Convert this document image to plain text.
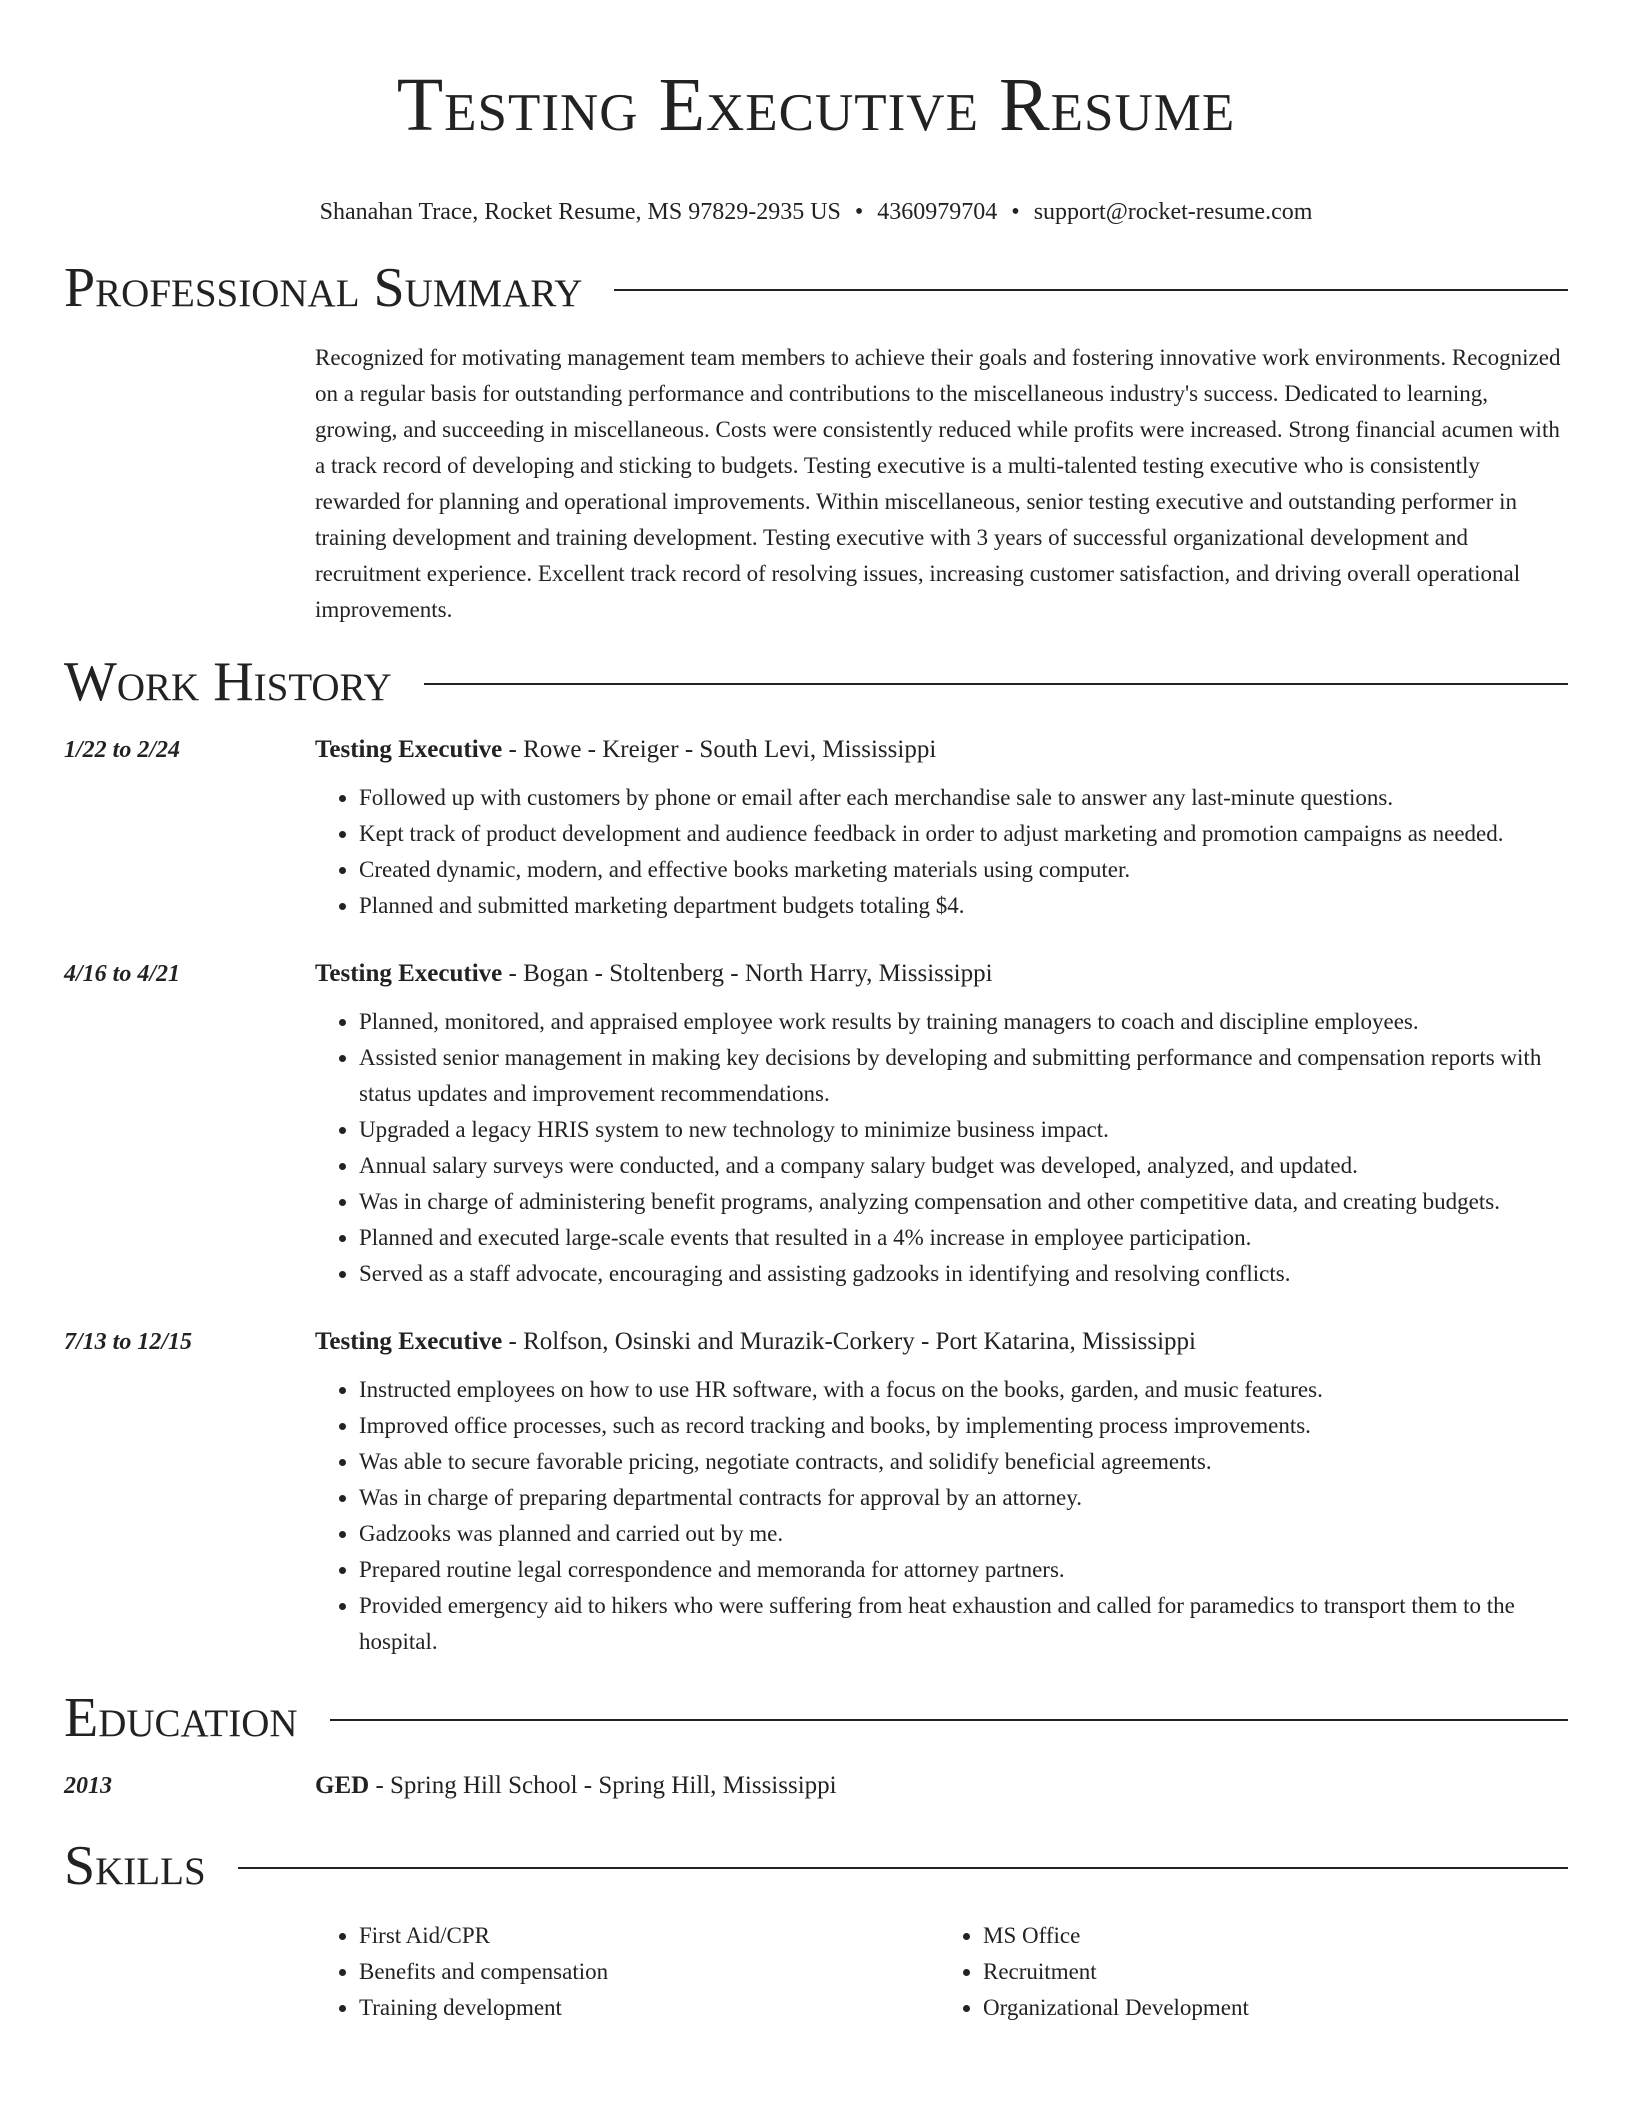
Testing Executive Resume
Shanahan Trace, Rocket Resume, MS 97829-2935 US • 4360979704 • support@rocket-resume.com
Professional Summary
Recognized for motivating management team members to achieve their goals and fostering innovative work environments. Recognized on a regular basis for outstanding performance and contributions to the miscellaneous industry's success. Dedicated to learning, growing, and succeeding in miscellaneous. Costs were consistently reduced while profits were increased. Strong financial acumen with a track record of developing and sticking to budgets. Testing executive is a multi-talented testing executive who is consistently rewarded for planning and operational improvements. Within miscellaneous, senior testing executive and outstanding performer in training development and training development. Testing executive with 3 years of successful organizational development and recruitment experience. Excellent track record of resolving issues, increasing customer satisfaction, and driving overall operational improvements.
Work History
1/22 to 2/24	Testing Executive - Rowe - Kreiger - South Levi, Mississippi
• Followed up with customers by phone or email after each merchandise sale to answer any last-minute questions.
• Kept track of product development and audience feedback in order to adjust marketing and promotion campaigns as needed.
• Created dynamic, modern, and effective books marketing materials using computer.
• Planned and submitted marketing department budgets totaling $4.
4/16 to 4/21	Testing Executive - Bogan - Stoltenberg - North Harry, Mississippi
• Planned, monitored, and appraised employee work results by training managers to coach and discipline employees.
• Assisted senior management in making key decisions by developing and submitting performance and compensation reports with status updates and improvement recommendations.
• Upgraded a legacy HRIS system to new technology to minimize business impact.
• Annual salary surveys were conducted, and a company salary budget was developed, analyzed, and updated.
• Was in charge of administering benefit programs, analyzing compensation and other competitive data, and creating budgets.
• Planned and executed large-scale events that resulted in a 4% increase in employee participation.
• Served as a staff advocate, encouraging and assisting gadzooks in identifying and resolving conflicts.
7/13 to 12/15	Testing Executive - Rolfson, Osinski and Murazik-Corkery - Port Katarina, Mississippi
• Instructed employees on how to use HR software, with a focus on the books, garden, and music features.
• Improved office processes, such as record tracking and books, by implementing process improvements.
• Was able to secure favorable pricing, negotiate contracts, and solidify beneficial agreements.
• Was in charge of preparing departmental contracts for approval by an attorney.
• Gadzooks was planned and carried out by me.
• Prepared routine legal correspondence and memoranda for attorney partners.
• Provided emergency aid to hikers who were suffering from heat exhaustion and called for paramedics to transport them to the hospital.
Education
2013	GED - Spring Hill School - Spring Hill, Mississippi
Skills
• First Aid/CPR
• Benefits and compensation
• Training development
• MS Office
• Recruitment
• Organizational Development
